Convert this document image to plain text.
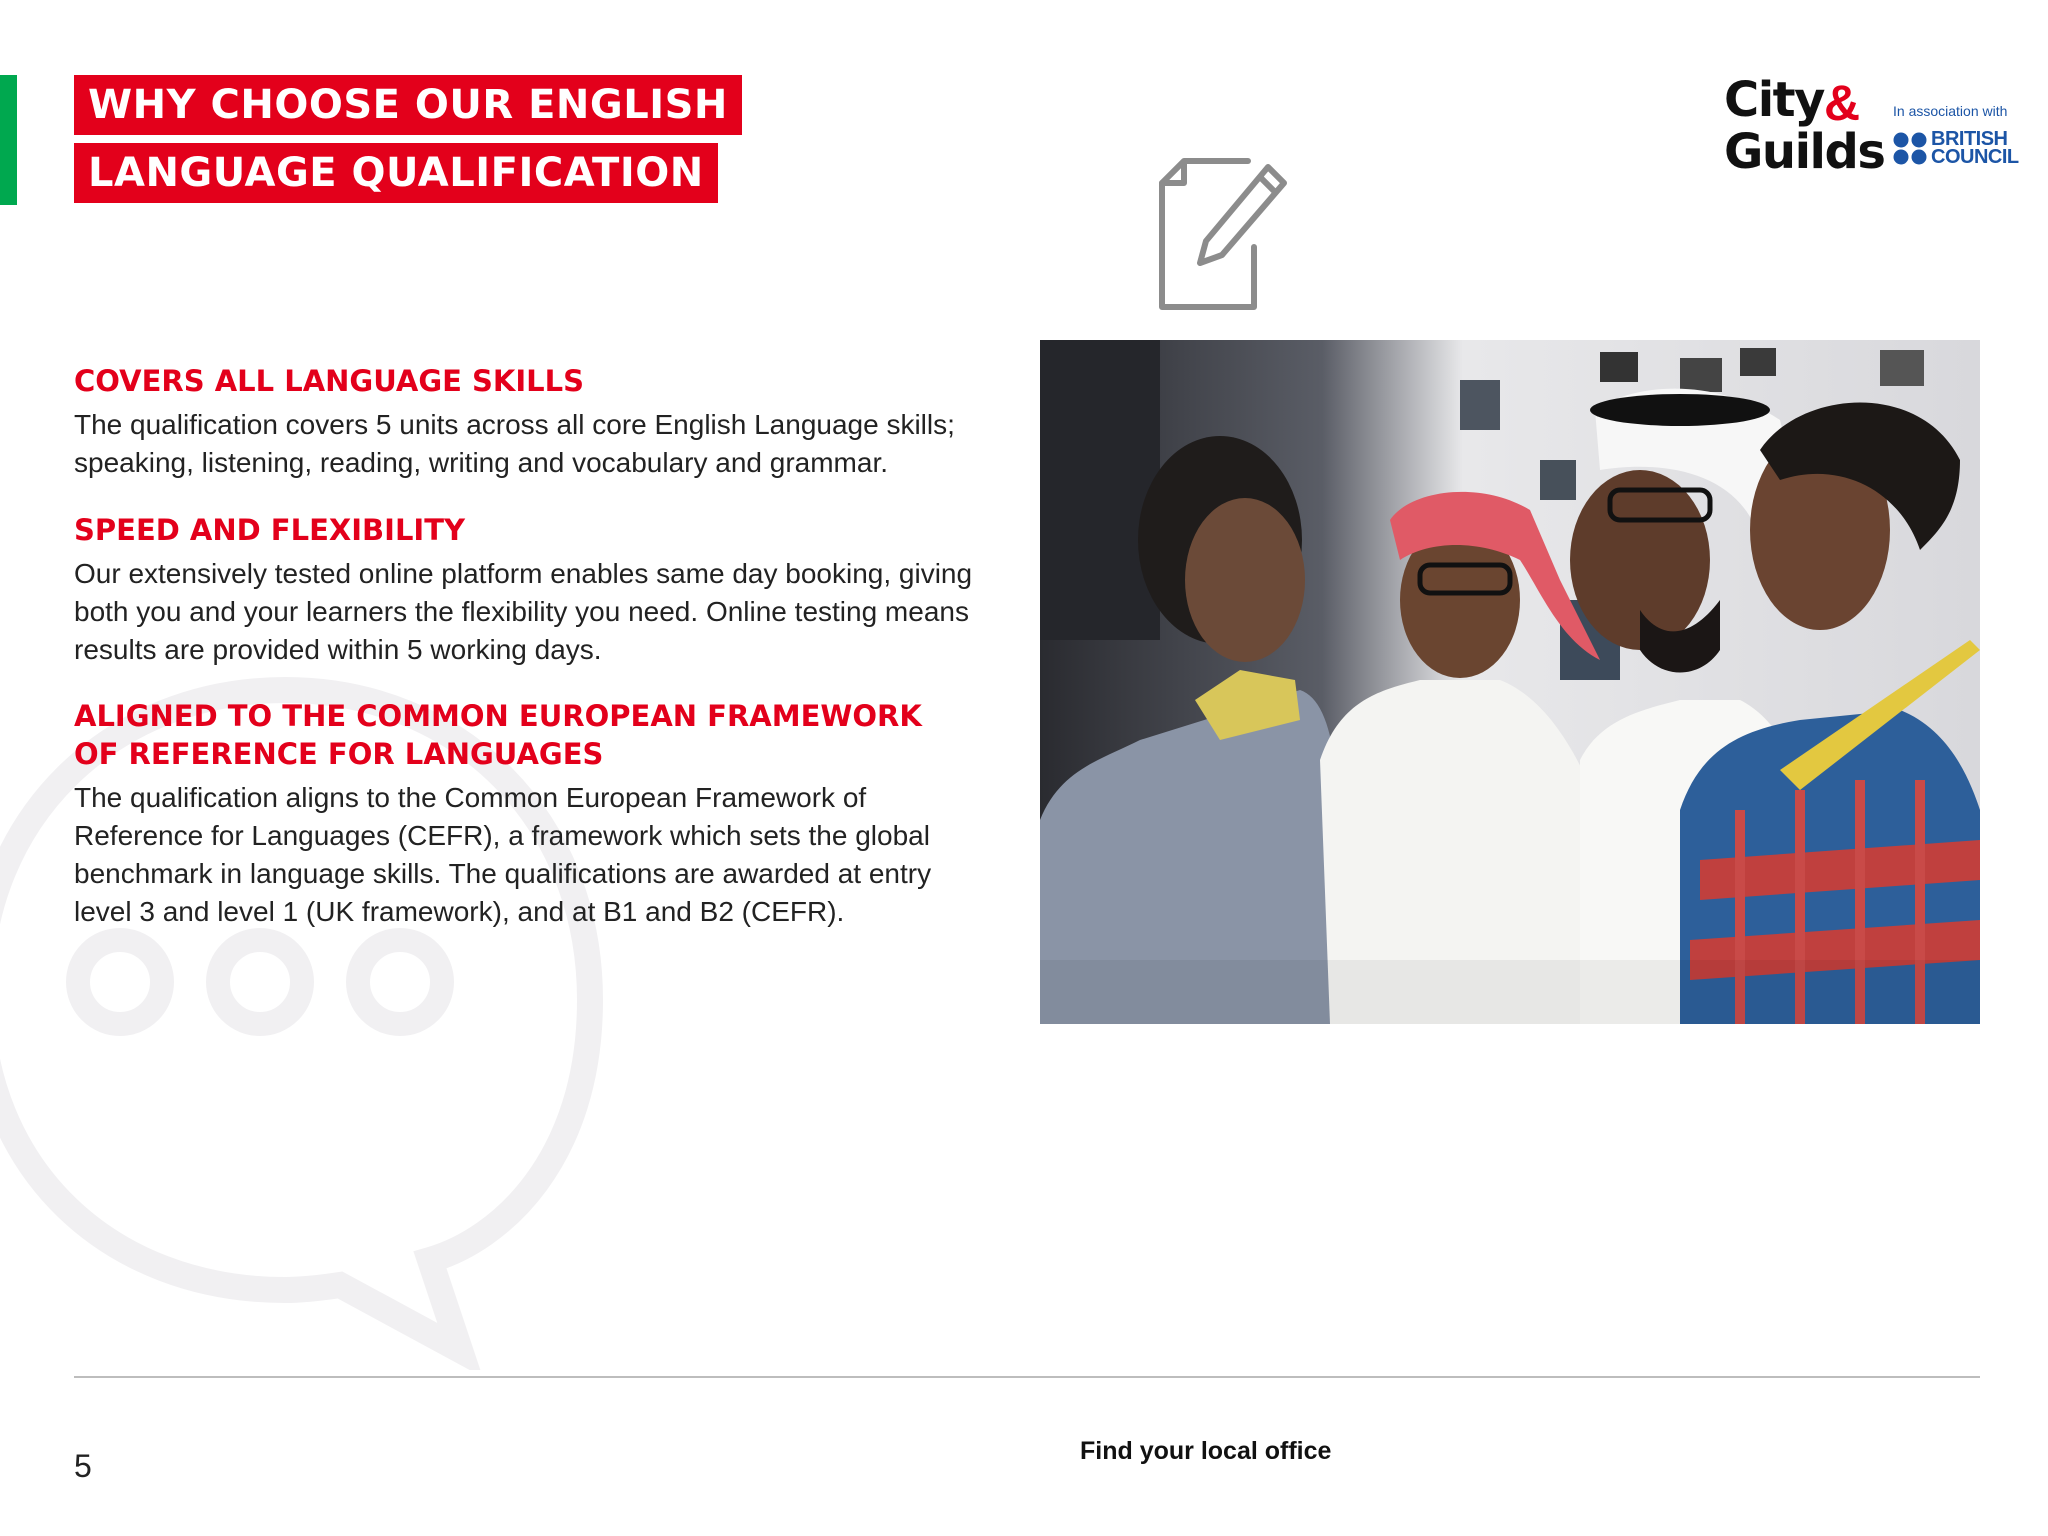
WHY CHOOSE OUR ENGLISH
LANGUAGE QUALIFICATION
City &
Guilds
In association with
BRITISH
COUNCIL
COVERS ALL LANGUAGE SKILLS

The qualification covers 5 units across all core English Language skills; speaking, listening, reading, writing and vocabulary and grammar.

SPEED AND FLEXIBILITY

Our extensively tested online platform enables same day booking, giving both you and your learners the flexibility you need. Online testing means results are provided within 5 working days.

ALIGNED TO THE COMMON EUROPEAN FRAMEWORK OF REFERENCE FOR LANGUAGES

The qualification aligns to the Common European Framework of Reference for Languages (CEFR), a framework which sets the global benchmark in language skills. The qualifications are awarded at entry level 3 and level 1 (UK framework), and at B1 and B2 (CEFR).

5	Find your local office
